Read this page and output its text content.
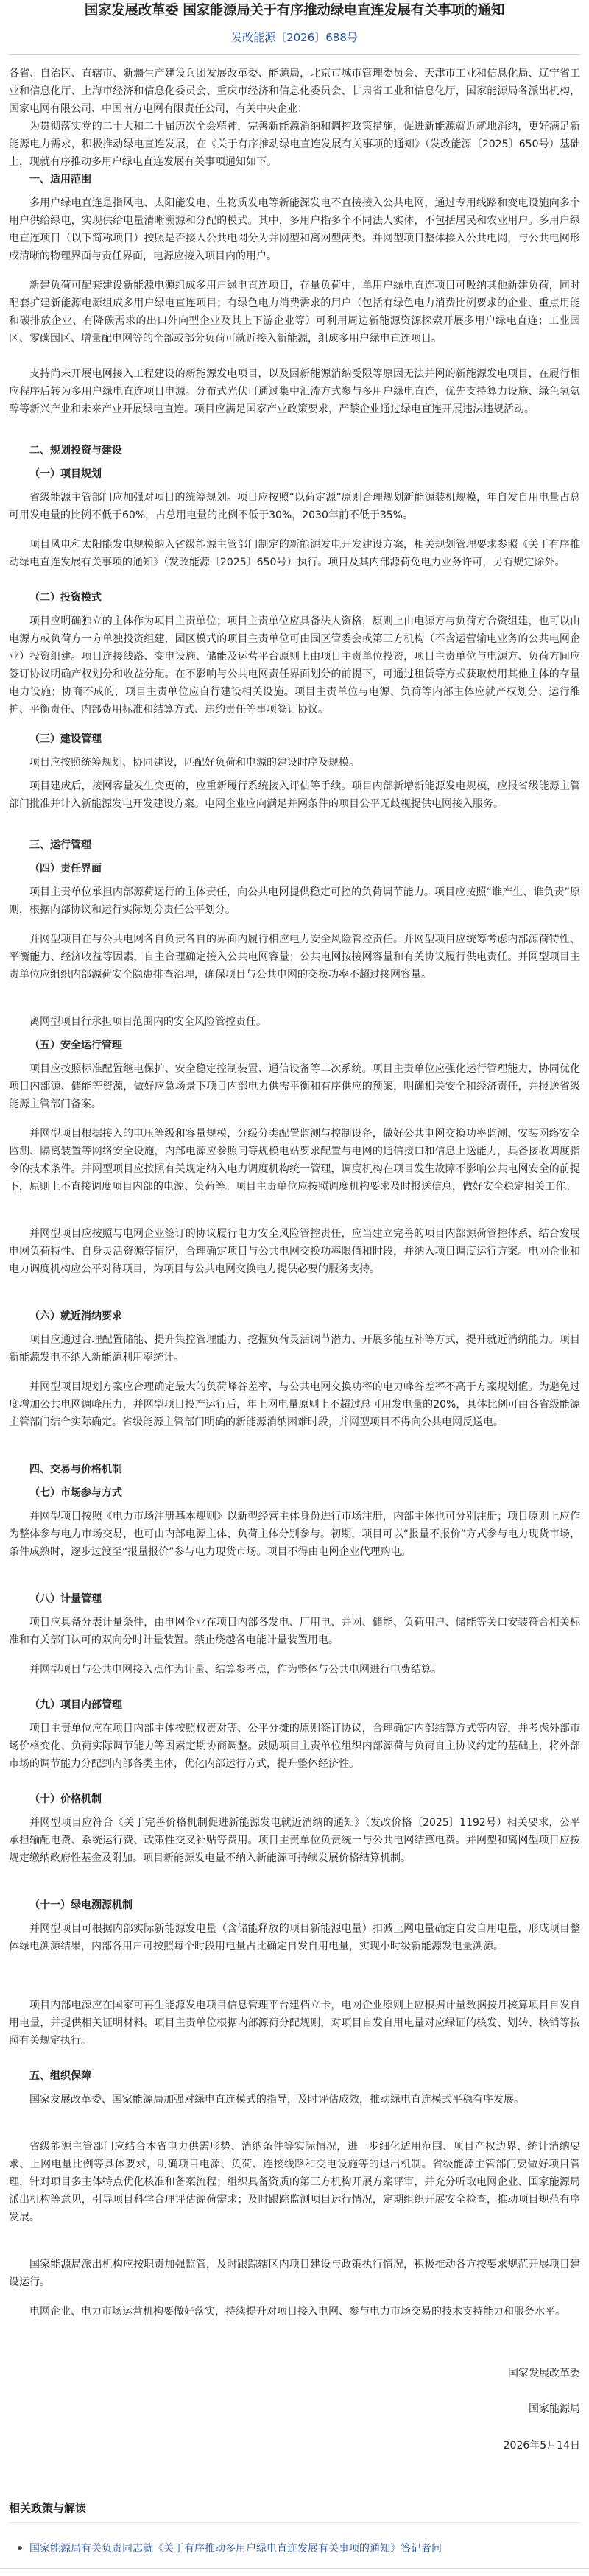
国家发展改革委 国家能源局关于有序推动绿电直连发展有关事项的通知
发改能源〔2026〕688号
各省、自治区、直辖市、新疆生产建设兵团发展改革委、能源局，北京市城市管理委员会、天津市工业和信息化局、辽宁省工业和信息化厅、上海市经济和信息化委员会、重庆市经济和信息化委员会、甘肃省工业和信息化厅，国家能源局各派出机构，国家电网有限公司、中国南方电网有限责任公司，有关中央企业：
为贯彻落实党的二十大和二十届历次全会精神，完善新能源消纳和调控政策措施，促进新能源就近就地消纳，更好满足新能源电力需求，积极推动绿电直连发展，在《关于有序推动绿电直连发展有关事项的通知》（发改能源〔2025〕650号）基础上，现就有序推动多用户绿电直连发展有关事项通知如下。
一、适用范围
多用户绿电直连是指风电、太阳能发电、生物质发电等新能源发电不直接接入公共电网，通过专用线路和变电设施向多个用户供给绿电，实现供给电量清晰溯源和分配的模式。其中，多用户指多个不同法人实体，不包括居民和农业用户。多用户绿电直连项目（以下简称项目）按照是否接入公共电网分为并网型和离网型两类。并网型项目整体接入公共电网，与公共电网形成清晰的物理界面与责任界面，电源应接入项目内的用户。
新建负荷可配套建设新能源电源组成多用户绿电直连项目，存量负荷中，单用户绿电直连项目可吸纳其他新建负荷，同时配套扩建新能源电源组成多用户绿电直连项目；有绿色电力消费需求的用户（包括有绿色电力消费比例要求的企业、重点用能和碳排放企业、有降碳需求的出口外向型企业及其上下游企业等）可利用周边新能源资源探索开展多用户绿电直连；工业园区、零碳园区、增量配电网等的全部或部分负荷可就近接入新能源，组成多用户绿电直连项目。
支持尚未开展电网接入工程建设的新能源发电项目，以及因新能源消纳受限等原因无法并网的新能源发电项目，在履行相应程序后转为多用户绿电直连项目电源。分布式光伏可通过集中汇流方式参与多用户绿电直连，优先支持算力设施、绿色氢氨醇等新兴产业和未来产业开展绿电直连。项目应满足国家产业政策要求，严禁企业通过绿电直连开展违法违规活动。
二、规划投资与建设
（一）项目规划
省级能源主管部门应加强对项目的统筹规划。项目应按照“以荷定源”原则合理规划新能源装机规模，年自发自用电量占总可用发电量的比例不低于60%，占总用电量的比例不低于30%，2030年前不低于35%。
项目风电和太阳能发电规模纳入省级能源主管部门制定的新能源发电开发建设方案，相关规划管理要求参照《关于有序推动绿电直连发展有关事项的通知》（发改能源〔2025〕650号）执行。项目及其内部源荷免电力业务许可，另有规定除外。
（二）投资模式
项目应明确独立的主体作为项目主责单位；项目主责单位应具备法人资格，原则上由电源方与负荷方合资组建，也可以由电源方或负荷方一方单独投资组建，园区模式的项目主责单位可由园区管委会或第三方机构（不含运营输电业务的公共电网企业）投资组建。项目连接线路、变电设施、储能及运营平台原则上由项目主责单位投资，项目主责单位与电源方、负荷方间应签订协议明确产权划分和收益分配。在不影响与公共电网责任界面划分的前提下，可通过租赁等方式获取使用其他主体的存量电力设施；协商不成的，项目主责单位应自行建设相关设施。项目主责单位与电源、负荷等内部主体应就产权划分、运行维护、平衡责任、内部费用标准和结算方式、违约责任等事项签订协议。
（三）建设管理
项目应按照统筹规划、协同建设，匹配好负荷和电源的建设时序及规模。
项目建成后，接网容量发生变更的，应重新履行系统接入评估等手续。项目内部新增新能源发电规模，应报省级能源主管部门批准并计入新能源发电开发建设方案。电网企业应向满足并网条件的项目公平无歧视提供电网接入服务。
三、运行管理
（四）责任界面
项目主责单位承担内部源荷运行的主体责任，向公共电网提供稳定可控的负荷调节能力。项目应按照“谁产生、谁负责”原则，根据内部协议和运行实际划分责任公平划分。
并网型项目在与公共电网各自负责各自的界面内履行相应电力安全风险管控责任。并网型项目应统筹考虑内部源荷特性、平衡能力、经济收益等因素，自主合理确定接入公共电网容量；公共电网按接网容量和有关协议履行供电责任。并网型项目主责单位应组织内部源荷安全隐患排查治理，确保项目与公共电网的交换功率不超过接网容量。
离网型项目行承担项目范围内的安全风险管控责任。
（五）安全运行管理
项目应按照标准配置继电保护、安全稳定控制装置、通信设备等二次系统。项目主责单位应强化运行管理能力，协同优化项目内部源、储能等资源，做好应急场景下项目内部电力供需平衡和有序供应的预案，明确相关安全和经济责任，并报送省级能源主管部门备案。
并网型项目根据接入的电压等级和容量规模，分级分类配置监测与控制设备，做好公共电网交换功率监测、安装网络安全监测、隔离装置等网络安全设施，内部电源应参照同等规模电站要求配置与电网的通信接口和信息上送能力，具备接收调度指令的技术条件。并网型项目应按照有关规定纳入电力调度机构统一管理，调度机构在项目发生故障不影响公共电网安全的前提下，原则上不直接调度项目内部的电源、负荷等。项目主责单位应按照调度机构要求及时报送信息，做好安全稳定相关工作。
并网型项目应按照与电网企业签订的协议履行电力安全风险管控责任，应当建立完善的项目内部源荷管控体系，结合发展电网负荷特性、自身灵活资源等情况，合理确定项目与公共电网交换功率限值和时段，并纳入项目调度运行方案。电网企业和电力调度机构应公平对待项目，为项目与公共电网交换电力提供必要的服务支持。
（六）就近消纳要求
项目应通过合理配置储能、提升集控管理能力、挖掘负荷灵活调节潜力、开展多能互补等方式，提升就近消纳能力。项目新能源发电不纳入新能源利用率统计。
并网型项目规划方案应合理确定最大的负荷峰谷差率，与公共电网交换功率的电力峰谷差率不高于方案规划值。为避免过度增加公共电网调峰压力，并网型项目投产运行后，年上网电量原则上不超过总可用发电量的20%，具体比例可由各省级能源主管部门结合实际确定。省级能源主管部门明确的新能源消纳困难时段，并网型项目不得向公共电网反送电。
四、交易与价格机制
（七）市场参与方式
并网型项目按照《电力市场注册基本规则》以新型经营主体身份进行市场注册，内部主体也可分别注册；项目原则上应作为整体参与电力市场交易，也可由内部电源主体、负荷主体分别参与。初期，项目可以“报量不报价”方式参与电力现货市场，条件成熟时，逐步过渡至“报量报价”参与电力现货市场。项目不得由电网企业代理购电。
（八）计量管理
项目应具备分表计量条件，由电网企业在项目内部各发电、厂用电、并网、储能、负荷用户、储能等关口安装符合相关标准和有关部门认可的双向分时计量装置。禁止绕越各电能计量装置用电。
并网型项目与公共电网接入点作为计量、结算参考点，作为整体与公共电网进行电费结算。
（九）项目内部管理
项目主责单位应在项目内部主体按照权责对等、公平分摊的原则签订协议，合理确定内部结算方式等内容，并考虑外部市场价格变化、负荷实际调节能力等因素定期协商调整。鼓励项目主责单位组织内部源荷与负荷自主协议约定的基础上，将外部市场的调节能力分配到内部各类主体，优化内部运行方式，提升整体经济性。
（十）价格机制
并网型项目应符合《关于完善价格机制促进新能源发电就近消纳的通知》（发改价格〔2025〕1192号）相关要求，公平承担输配电费、系统运行费、政策性交叉补贴等费用。项目主责单位负责统一与公共电网结算电费。并网型和离网型项目应按规定缴纳政府性基金及附加。项目新能源发电量不纳入新能源可持续发展价格结算机制。
（十一）绿电溯源机制
并网型项目可根据内部实际新能源发电量（含储能释放的项目新能源电量）扣减上网电量确定自发自用电量，形成项目整体绿电溯源结果，内部各用户可按照每个时段用电量占比确定自发自用电量，实现小时级新能源发电量溯源。
项目内部电源应在国家可再生能源发电项目信息管理平台建档立卡，电网企业原则上应根据计量数据按月核算项目自发自用电量，并提供相关证明材料。项目主责单位根据内部源荷分配规则，对项目自发自用电量对应绿证的核发、划转、核销等按照有关规定执行。
五、组织保障
国家发展改革委、国家能源局加强对绿电直连模式的指导，及时评估成效，推动绿电直连模式平稳有序发展。
省级能源主管部门应结合本省电力供需形势、消纳条件等实际情况，进一步细化适用范围、项目产权边界、统计消纳要求、上网电量比例等具体要求，明确项目电源、负荷、连接线路和变电设施等的退出机制。省级能源主管部门要做好项目管理，针对项目多主体特点优化核准和备案流程；组织具备资质的第三方机构开展方案评审，并充分听取电网企业、国家能源局派出机构等意见，引导项目科学合理评估源荷需求；及时跟踪监测项目运行情况，定期组织开展安全检查，推动项目规范有序发展。
国家能源局派出机构应按职责加强监管，及时跟踪辖区内项目建设与政策执行情况，积极推动各方按要求规范开展项目建设运行。
电网企业、电力市场运营机构要做好落实，持续提升对项目接入电网、参与电力市场交易的技术支持能力和服务水平。
国家发展改革委
国家能源局
2026年5月14日
相关政策与解读
国家能源局有关负责同志就《关于有序推动多用户绿电直连发展有关事项的通知》答记者问
